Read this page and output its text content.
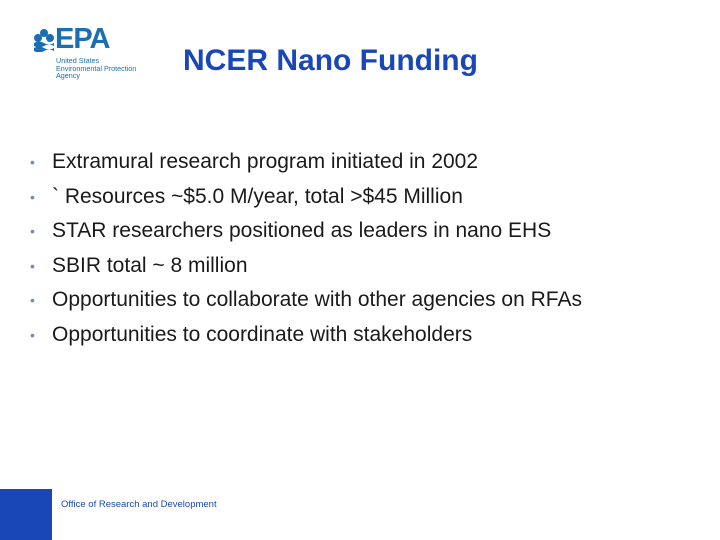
EPA
United States
Environmental Protection
Agency	NCER Nano Funding
• Extramural research program initiated in 2002
• ` Resources ~$5.0 M/year, total >$45 Million
• STAR researchers positioned as leaders in nano EHS
• SBIR total ~ 8 million
• Opportunities to collaborate with other agencies on RFAs
• Opportunities to coordinate with stakeholders
Office of Research and Development
